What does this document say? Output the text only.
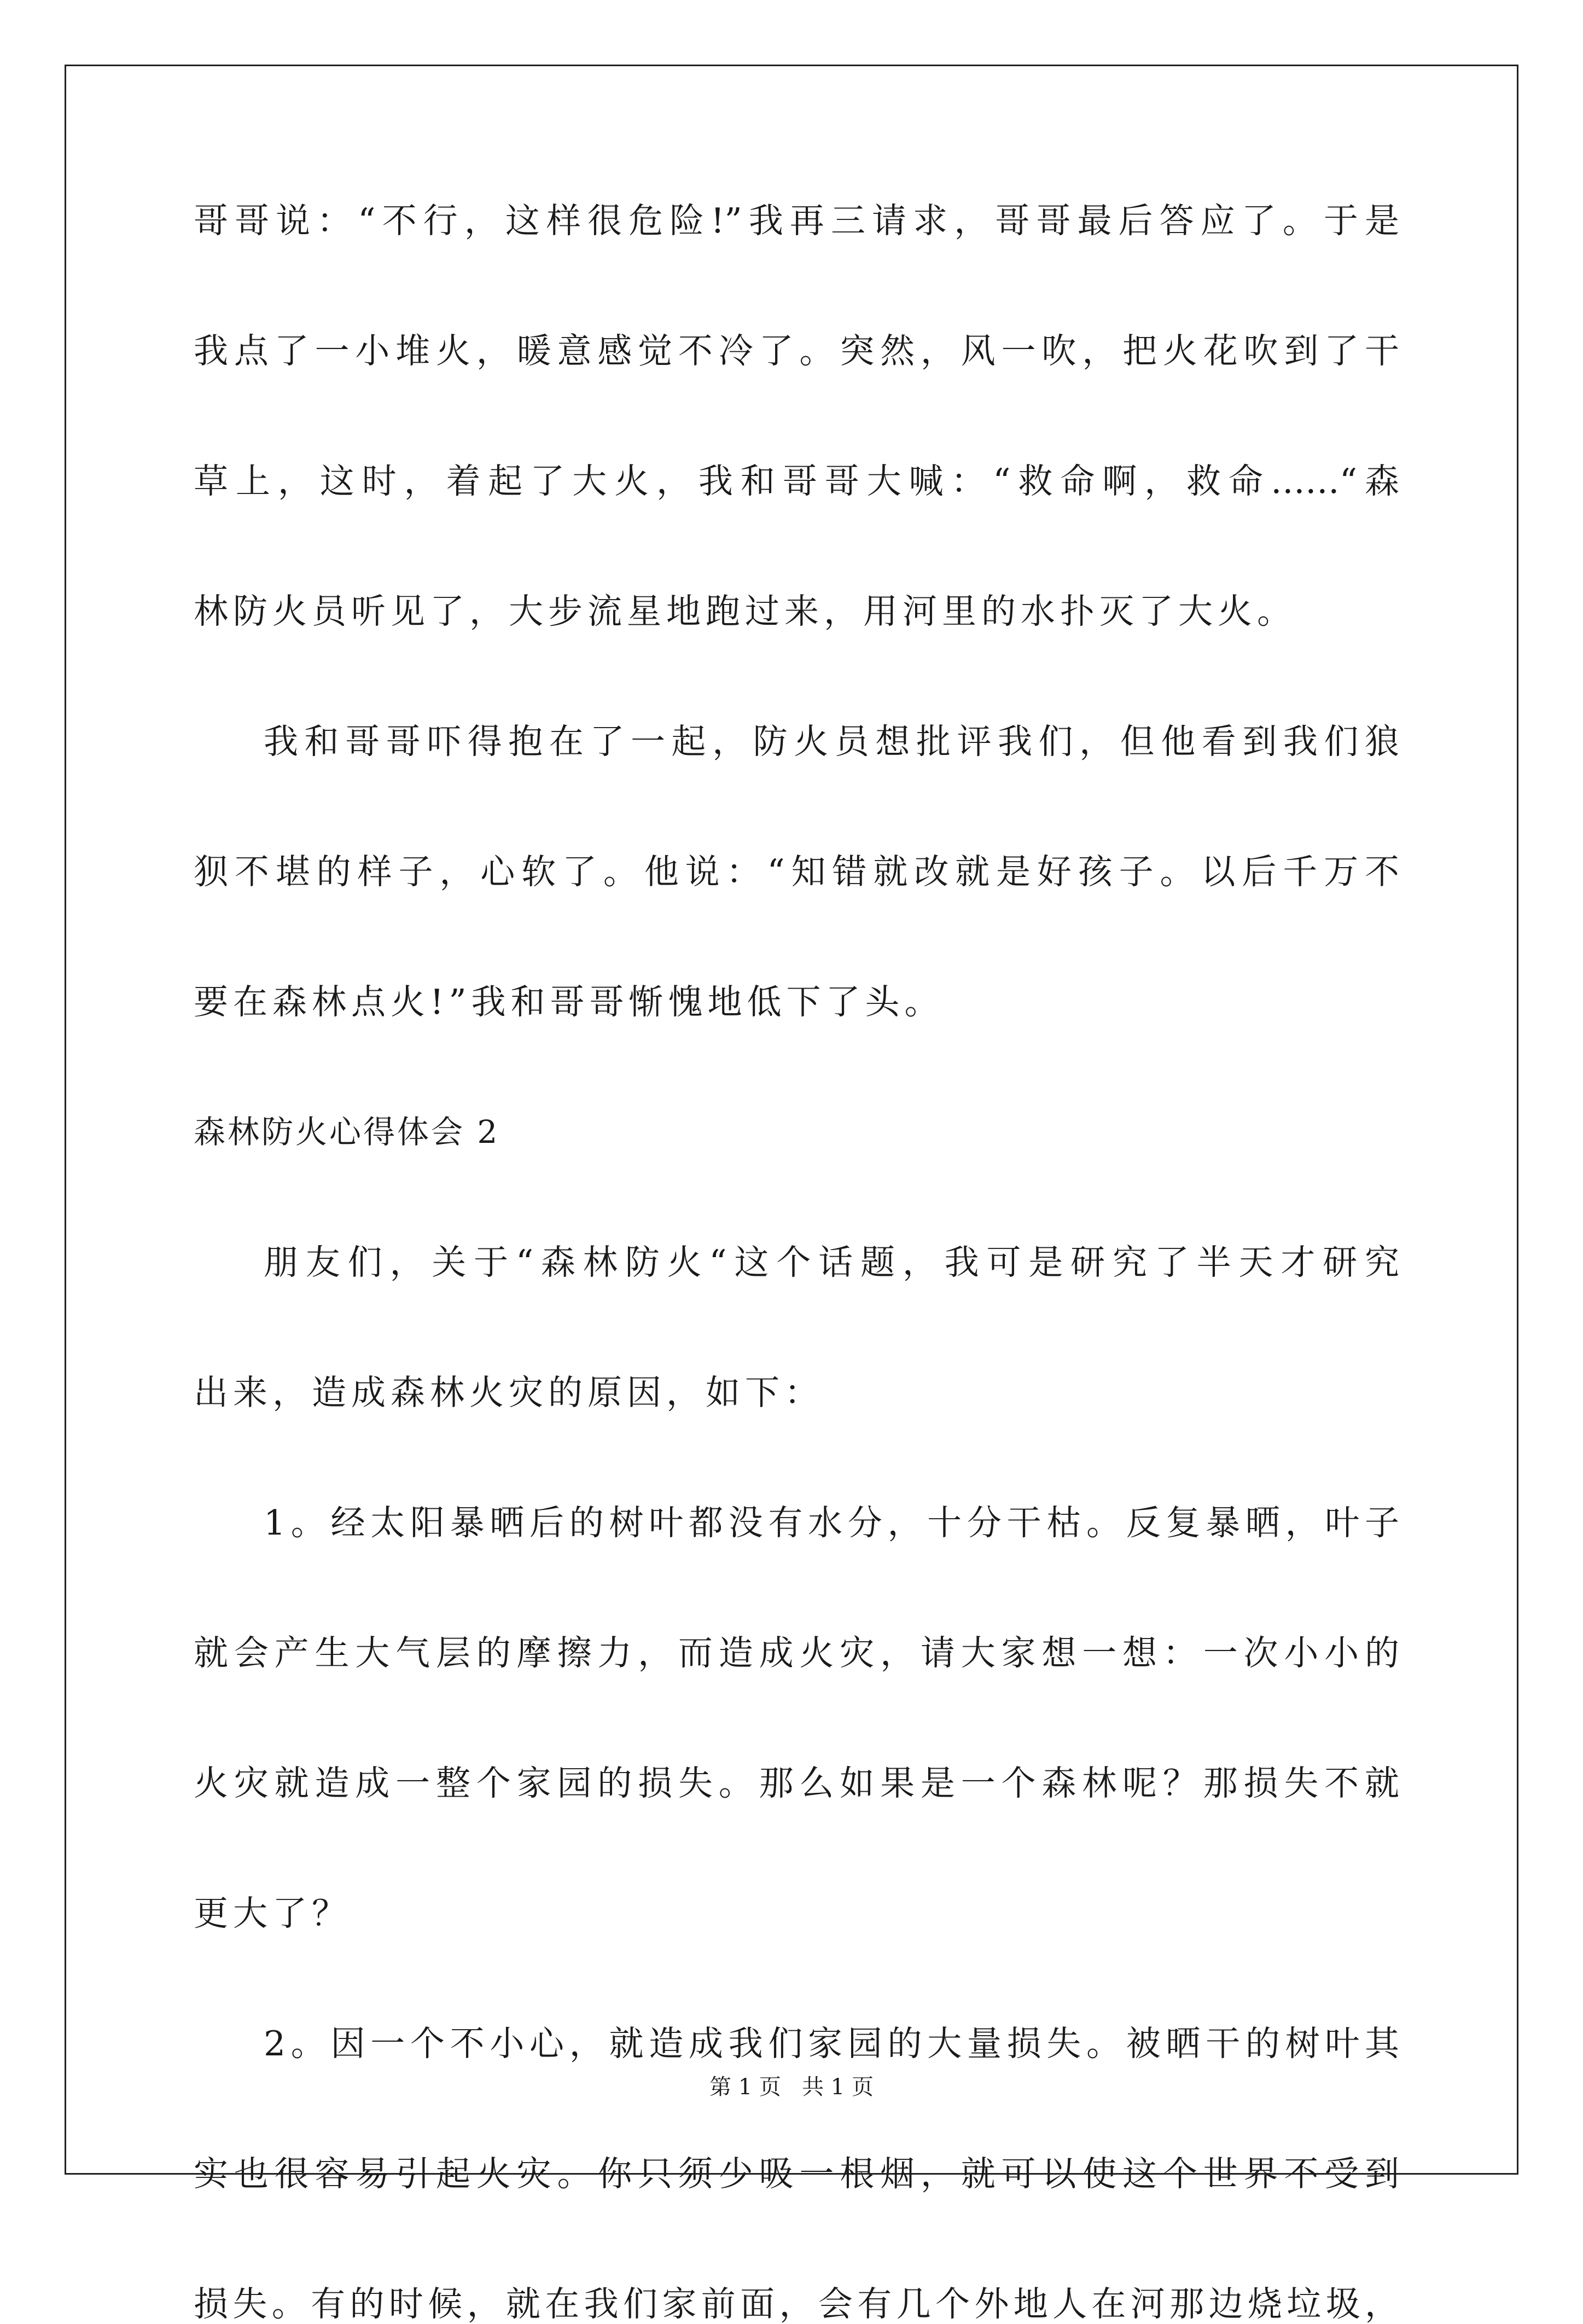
哥哥说：“不行，这样很危险!”我再三请求，哥哥最后答应了。于是
我点了一小堆火，暖意感觉不冷了。突然，风一吹，把火花吹到了干
草上，这时，着起了大火，我和哥哥大喊：“救命啊，救命……“森
林防火员听见了，大步流星地跑过来，用河里的水扑灭了大火。
我和哥哥吓得抱在了一起，防火员想批评我们，但他看到我们狼
狈不堪的样子，心软了。他说：“知错就改就是好孩子。以后千万不
要在森林点火!”我和哥哥惭愧地低下了头。
森林防火心得体会 2
朋友们，关于“森林防火“这个话题，我可是研究了半天才研究
出来，造成森林火灾的原因，如下：
1。经太阳暴晒后的树叶都没有水分，十分干枯。反复暴晒，叶子
就会产生大气层的摩擦力，而造成火灾，请大家想一想：一次小小的
火灾就造成一整个家园的损失。那么如果是一个森林呢？那损失不就
更大了？
2。因一个不小心，就造成我们家园的大量损失。被晒干的树叶其
实也很容易引起火灾。你只须少吸一根烟，就可以使这个世界不受到
损失。有的时候，就在我们家前面，会有几个外地人在河那边烧垃圾，
第 1 页   共 1 页
